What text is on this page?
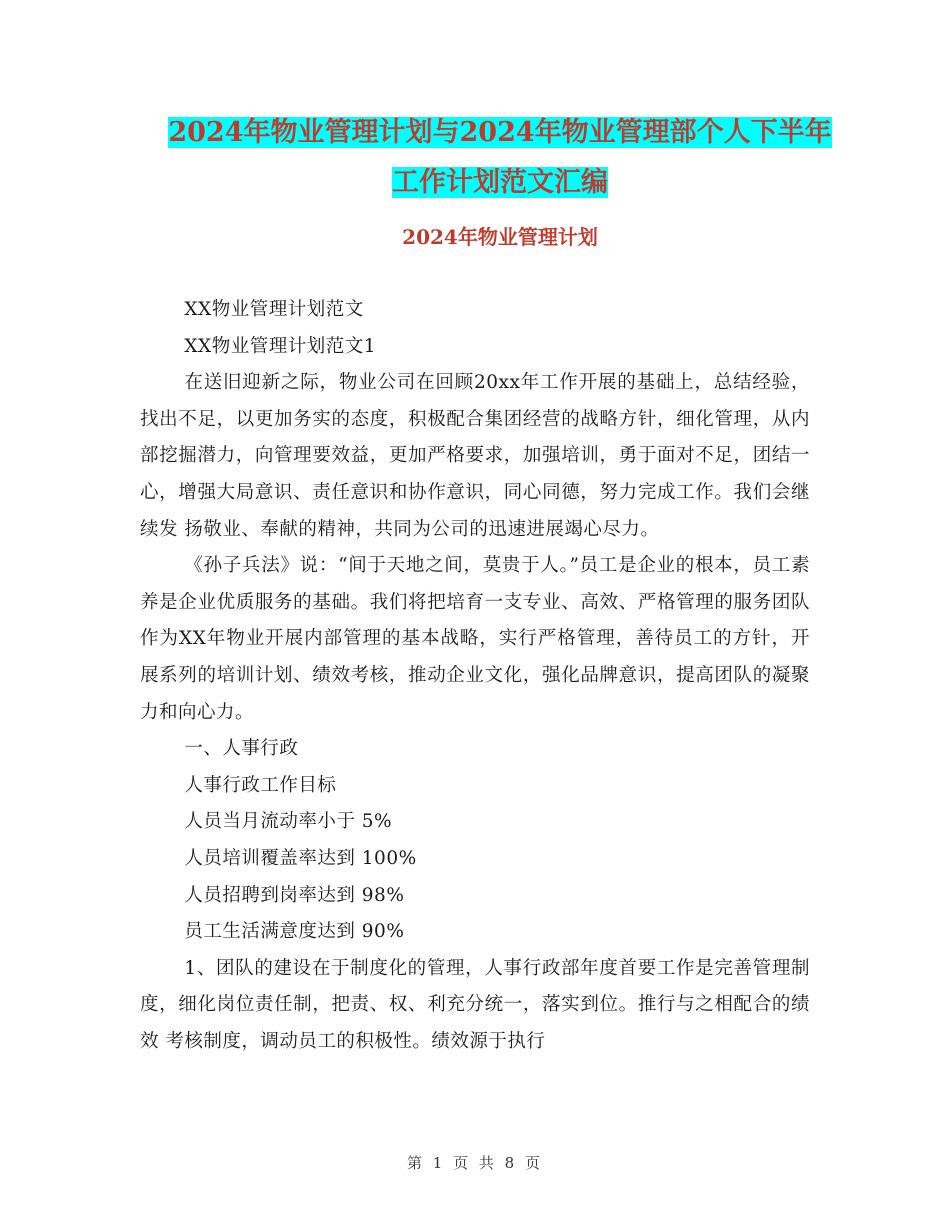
2024年物业管理计划与2024年物业管理部个人下半年
工作计划范文汇编
2024年物业管理计划

XX物业管理计划范文

XX物业管理计划范文1

在送旧迎新之际，物业公司在回顾20xx年工作开展的基础上，总结经验，找出不足，以更加务实的态度，积极配合集团经营的战略方针，细化管理，从内 部挖掘潜力，向管理要效益，更加严格要求，加强培训，勇于面对不足，团结一心，增强大局意识、责任意识和协作意识，同心同德，努力完成工作。我们会继续发 扬敬业、奉献的精神，共同为公司的迅速进展竭心尽力。

《孙子兵法》说：“间于天地之间，莫贵于人。”员工是企业的根本，员工素养是企业优质服务的基础。我们将把培育一支专业、高效、严格管理的服务团队 作为XX年物业开展内部管理的基本战略，实行严格管理，善待员工的方针，开展系列的培训计划、绩效考核，推动企业文化，强化品牌意识，提高团队的凝聚 力和向心力。

一、人事行政

人事行政工作目标

人员当月流动率小于 5%

人员培训覆盖率达到 100%

人员招聘到岗率达到 98%

员工生活满意度达到 90%

1、团队的建设在于制度化的管理，人事行政部年度首要工作是完善管理制度，细化岗位责任制，把责、权、利充分统一，落实到位。推行与之相配合的绩效 考核制度，调动员工的积极性。绩效源于执行

第 1 页 共 8 页
